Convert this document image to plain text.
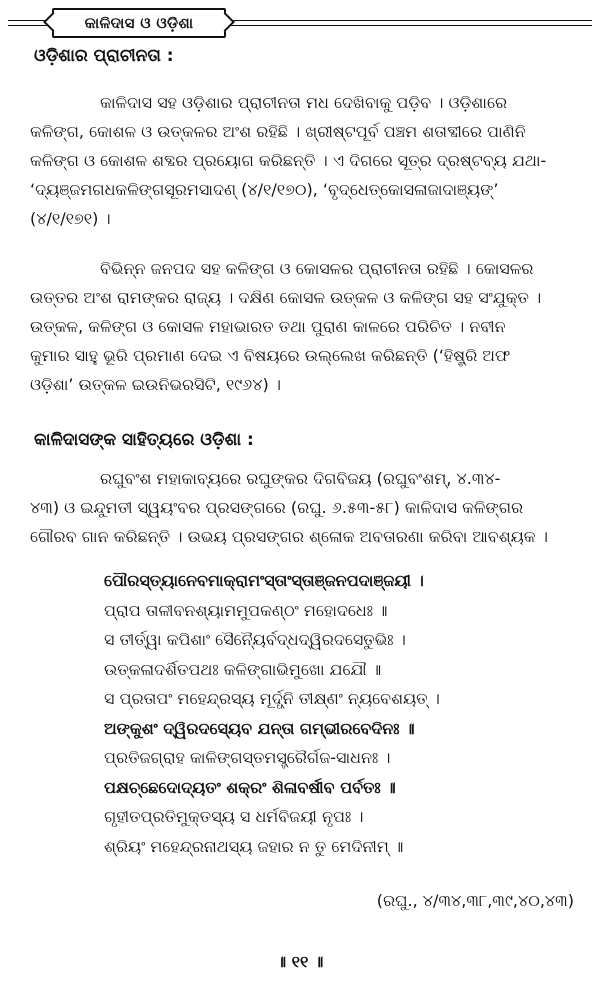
କାଳିଦାସ ଓ ଓଡ଼ିଶା
ଓଡ଼ିଶାର ପ୍ରାଚୀନତା :
କାଳିଦାସ ସହ ଓଡ଼ିଶାର ପ୍ରାଚୀନତା ମଧ ଦେଖିବାକୁ ପଡ଼ିବ । ଓଡ଼ିଶାରେ
କଳିଙ୍ଗ, କୋଶଳ ଓ ଉତ୍କଳର ଅଂଶ ରହିଛି । ଖ୍ରୀଷ୍ଟପୂର୍ବ ପଞ୍ଚମ ଶତାବ୍ଦୀରେ ପାଣିନି
କଳିଙ୍ଗ ଓ କୋଶଳ ଶବ୍ଦର ପ୍ରୟୋଗ କରିଛନ୍ତି । ଏ ଦିଗରେ ସୂତ୍ର ଦ୍ରଷ୍ଟବ୍ୟ ଯଥା-
‘ଦ୍ୟଞ୍ଜମଗଧକଳିଙ୍ଗସୂରମସାଦଣ୍ (୪/୧/୧୭୦), ‘ବୃଦ୍ଧେତ୍‌କୋସଳାଜାଦାଞ୍ୟଙ୍’
(୪/୧/୧୭୧) ।
ବିଭିନ୍ନ ଜନପଦ ସହ କଳିଙ୍ଗ ଓ କୋସଳର ପ୍ରାଚୀନତା ରହିଛି । କୋସଳର
ଉତ୍ତର ଅଂଶ ରାମଙ୍କର ରାଜ୍ୟ । ଦକ୍ଷିଣ କୋସଳ ଉତ୍କଳ ଓ କଳିଙ୍ଗ ସହ ସଂଯୁକ୍ତ ।
ଉତ୍କଳ, କଳିଙ୍ଗ ଓ କୋସଳ ମହାଭାରତ ତଥା ପୁରାଣ କାଳରେ ପରିଚିତ । ନବୀନ
କୁମାର ସାହୁ ଭୂରି ପ୍ରମାଣ ଦେଇ ଏ ବିଷୟରେ ଉଲ୍ଲେଖ କରିଛନ୍ତି (‘ହିଷ୍ଟ୍ରି ଅଫ
ଓଡ଼ିଶା’ ଉତ୍କଳ ଇଉନିଭରସିଟି, ୧୯୬୪) ।
କାଳିଦାସଙ୍କ ସାହିତ୍ୟରେ ଓଡ଼ିଶା :
ରଘୁବଂଶ ମହାକାବ୍ୟରେ ରଘୁଙ୍କର ଦିଗବିଜୟ (ରଘୁବଂଶମ୍, ୪.୩୪-
୪୩) ଓ ଇନ୍ଦୁମତୀ ସ୍ୱୟଂବର ପ୍ରସଙ୍ଗରେ (ରଘୁ. ୬.୫୩-୫୮) କାଳିଦାସ କଳିଙ୍ଗର
ଗୌରବ ଗାନ କରିଛନ୍ତି । ଉଭୟ ପ୍ରସଙ୍ଗର ଶ୍ଳୋକ ଅବତାରଣା କରିବା ଆବଶ୍ୟକ ।
ପୌରସ୍ତ୍ୟାନେବମାକ୍ରାମଂସ୍ତାଂସ୍ତାଞ୍ଜନପଦାଞ୍ଜୟୀ ।
ପ୍ରାପ ତାଳୀବନଶ୍ୟାମମୁପକଣ୍ଠଂ ମହୋଦଧେଃ ॥
ସ ତୀର୍ତ୍ୱା କପିଶାଂ ସୈନ୍ୟୈର୍ବଦ୍ଧଦ୍ୱିରଦସେତୁଭିଃ ।
ଉତ୍କଳାଦର୍ଶିତପଥଃ କଳିଙ୍ଗାଭିମୁଖୋ ଯଯୌ ॥
ସ ପ୍ରତାପଂ ମହେନ୍ଦ୍ରସ୍ୟ ମୂର୍ଦ୍ଧ୍ନି ତୀକ୍ଷ୍ଣଂ ନ୍ୟବେଶୟତ୍ ।
ଅଙ୍କୁଶଂ ଦ୍ୱିରଦସ୍ୟେବ ଯନ୍ତା ଗମ୍ଭୀରବେଦିନଃ ॥
ପ୍ରତିଜଗ୍ରାହ କାଳିଙ୍ଗସ୍ତମସ୍ତ୍ରୈର୍ଗଜ-ସାଧନଃ ।
ପକ୍ଷଚ୍ଛେଦୋଦ୍ୟତଂ ଶକ୍ରଂ ଶିଳାବର୍ଷୀବ ପର୍ବତଃ ॥
ଗୃହୀତପ୍ରତିମୁକ୍ତସ୍ୟ ସ ଧର୍ମବିଜୟୀ ନୃପଃ ।
ଶ୍ରିୟଂ ମହେନ୍ଦ୍ରନାଥସ୍ୟ ଜହାର ନ ତୁ ମେଦିନୀମ୍ ॥
(ରଘୁ., ୪/୩୪,୩୮,୩୯,୪୦,୪୩)
॥ ୧୧ ॥
